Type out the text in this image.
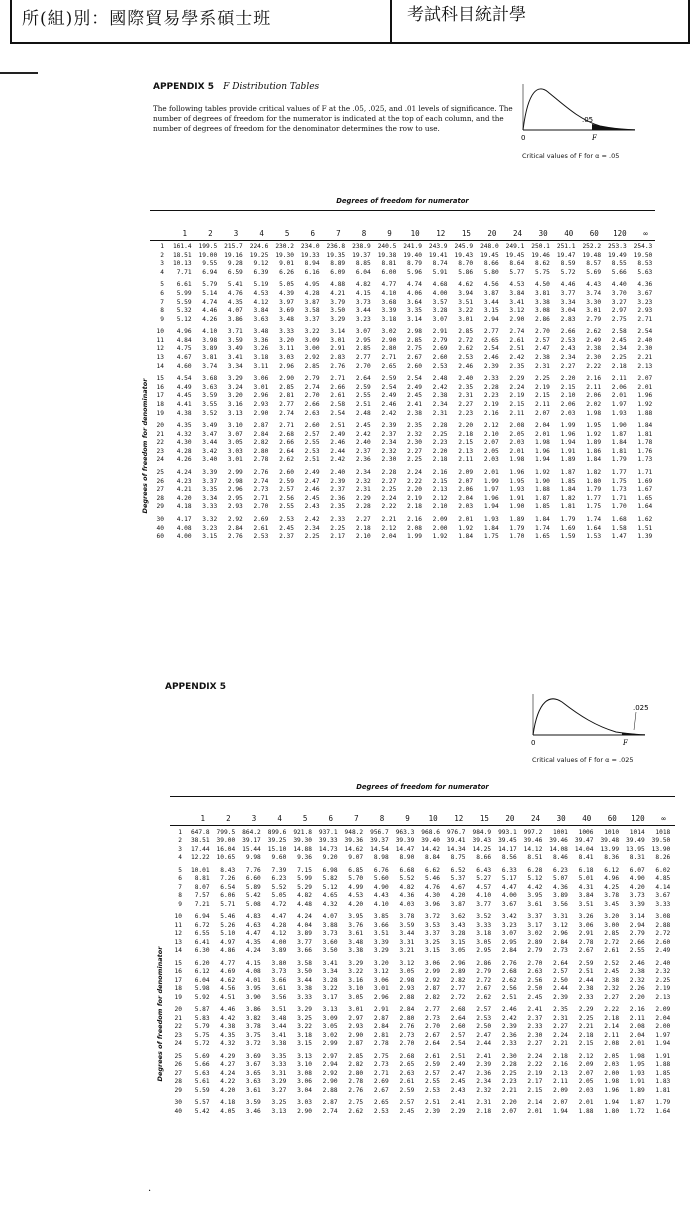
所(組)別：國際貿易學系碩士班	考試科目統計學
APPENDIX 5 F Distribution Tables
The following tables provide critical values of F at the .05, .025, and .01 levels of significance. The number of degrees of freedom for the numerator is indicated at the top of each column, and the number of degrees of freedom for the denominator determines the row to use.
.05
0	F
Critical values of F for α = .05
Degrees of freedom for numerator
Degrees of freedom for denominator
1	2	3	4	5	6	7	8	9	10	12	15	20	24	30	40	60	120	∞
1	161.4	199.5	215.7	224.6	230.2	234.0	236.8	238.9	240.5	241.9	243.9	245.9	248.0	249.1	250.1	251.1	252.2	253.3	254.3
2	18.51	19.00	19.16	19.25	19.30	19.33	19.35	19.37	19.38	19.40	19.41	19.43	19.45	19.45	19.46	19.47	19.48	19.49	19.50
3	10.13	9.55	9.28	9.12	9.01	8.94	8.89	8.85	8.81	8.79	8.74	8.70	8.66	8.64	8.62	8.59	8.57	8.55	8.53
4	7.71	6.94	6.59	6.39	6.26	6.16	6.09	6.04	6.00	5.96	5.91	5.86	5.80	5.77	5.75	5.72	5.69	5.66	5.63
5	6.61	5.79	5.41	5.19	5.05	4.95	4.88	4.82	4.77	4.74	4.68	4.62	4.56	4.53	4.50	4.46	4.43	4.40	4.36
6	5.99	5.14	4.76	4.53	4.39	4.28	4.21	4.15	4.10	4.06	4.00	3.94	3.87	3.84	3.81	3.77	3.74	3.70	3.67
7	5.59	4.74	4.35	4.12	3.97	3.87	3.79	3.73	3.68	3.64	3.57	3.51	3.44	3.41	3.38	3.34	3.30	3.27	3.23
8	5.32	4.46	4.07	3.84	3.69	3.58	3.50	3.44	3.39	3.35	3.28	3.22	3.15	3.12	3.08	3.04	3.01	2.97	2.93
9	5.12	4.26	3.86	3.63	3.48	3.37	3.29	3.23	3.18	3.14	3.07	3.01	2.94	2.90	2.86	2.83	2.79	2.75	2.71
10	4.96	4.10	3.71	3.48	3.33	3.22	3.14	3.07	3.02	2.98	2.91	2.85	2.77	2.74	2.70	2.66	2.62	2.58	2.54
11	4.84	3.98	3.59	3.36	3.20	3.09	3.01	2.95	2.90	2.85	2.79	2.72	2.65	2.61	2.57	2.53	2.49	2.45	2.40
12	4.75	3.89	3.49	3.26	3.11	3.00	2.91	2.85	2.80	2.75	2.69	2.62	2.54	2.51	2.47	2.43	2.38	2.34	2.30
13	4.67	3.81	3.41	3.18	3.03	2.92	2.83	2.77	2.71	2.67	2.60	2.53	2.46	2.42	2.38	2.34	2.30	2.25	2.21
14	4.60	3.74	3.34	3.11	2.96	2.85	2.76	2.70	2.65	2.60	2.53	2.46	2.39	2.35	2.31	2.27	2.22	2.18	2.13
15	4.54	3.68	3.29	3.06	2.90	2.79	2.71	2.64	2.59	2.54	2.48	2.40	2.33	2.29	2.25	2.20	2.16	2.11	2.07
16	4.49	3.63	3.24	3.01	2.85	2.74	2.66	2.59	2.54	2.49	2.42	2.35	2.28	2.24	2.19	2.15	2.11	2.06	2.01
17	4.45	3.59	3.20	2.96	2.81	2.70	2.61	2.55	2.49	2.45	2.38	2.31	2.23	2.19	2.15	2.10	2.06	2.01	1.96
18	4.41	3.55	3.16	2.93	2.77	2.66	2.58	2.51	2.46	2.41	2.34	2.27	2.19	2.15	2.11	2.06	2.02	1.97	1.92
19	4.38	3.52	3.13	2.90	2.74	2.63	2.54	2.48	2.42	2.38	2.31	2.23	2.16	2.11	2.07	2.03	1.98	1.93	1.88
20	4.35	3.49	3.10	2.87	2.71	2.60	2.51	2.45	2.39	2.35	2.28	2.20	2.12	2.08	2.04	1.99	1.95	1.90	1.84
21	4.32	3.47	3.07	2.84	2.68	2.57	2.49	2.42	2.37	2.32	2.25	2.18	2.10	2.05	2.01	1.96	1.92	1.87	1.81
22	4.30	3.44	3.05	2.82	2.66	2.55	2.46	2.40	2.34	2.30	2.23	2.15	2.07	2.03	1.98	1.94	1.89	1.84	1.78
23	4.28	3.42	3.03	2.80	2.64	2.53	2.44	2.37	2.32	2.27	2.20	2.13	2.05	2.01	1.96	1.91	1.86	1.81	1.76
24	4.26	3.40	3.01	2.78	2.62	2.51	2.42	2.36	2.30	2.25	2.18	2.11	2.03	1.98	1.94	1.89	1.84	1.79	1.73
25	4.24	3.39	2.99	2.76	2.60	2.49	2.40	2.34	2.28	2.24	2.16	2.09	2.01	1.96	1.92	1.87	1.82	1.77	1.71
26	4.23	3.37	2.98	2.74	2.59	2.47	2.39	2.32	2.27	2.22	2.15	2.07	1.99	1.95	1.90	1.85	1.80	1.75	1.69
27	4.21	3.35	2.96	2.73	2.57	2.46	2.37	2.31	2.25	2.20	2.13	2.06	1.97	1.93	1.88	1.84	1.79	1.73	1.67
28	4.20	3.34	2.95	2.71	2.56	2.45	2.36	2.29	2.24	2.19	2.12	2.04	1.96	1.91	1.87	1.82	1.77	1.71	1.65
29	4.18	3.33	2.93	2.70	2.55	2.43	2.35	2.28	2.22	2.18	2.10	2.03	1.94	1.90	1.85	1.81	1.75	1.70	1.64
30	4.17	3.32	2.92	2.69	2.53	2.42	2.33	2.27	2.21	2.16	2.09	2.01	1.93	1.89	1.84	1.79	1.74	1.68	1.62
40	4.08	3.23	2.84	2.61	2.45	2.34	2.25	2.18	2.12	2.08	2.00	1.92	1.84	1.79	1.74	1.69	1.64	1.58	1.51
60	4.00	3.15	2.76	2.53	2.37	2.25	2.17	2.10	2.04	1.99	1.92	1.84	1.75	1.70	1.65	1.59	1.53	1.47	1.39
APPENDIX 5
.025
0	F
Critical values of F for α = .025
Degrees of freedom for numerator
Degrees of freedom for denominator
1	2	3	4	5	6	7	8	9	10	12	15	20	24	30	40	60	120	∞
1	647.8	799.5	864.2	899.6	921.8	937.1	948.2	956.7	963.3	968.6	976.7	984.9	993.1	997.2	1001	1006	1010	1014	1018
2	38.51	39.00	39.17	39.25	39.30	39.33	39.36	39.37	39.39	39.40	39.41	39.43	39.45	39.46	39.46	39.47	39.48	39.49	39.50
3	17.44	16.04	15.44	15.10	14.88	14.73	14.62	14.54	14.47	14.42	14.34	14.25	14.17	14.12	14.08	14.04	13.99	13.95	13.90
4	12.22	10.65	9.98	9.60	9.36	9.20	9.07	8.98	8.90	8.84	8.75	8.66	8.56	8.51	8.46	8.41	8.36	8.31	8.26
5	10.01	8.43	7.76	7.39	7.15	6.98	6.85	6.76	6.68	6.62	6.52	6.43	6.33	6.28	6.23	6.18	6.12	6.07	6.02
6	8.81	7.26	6.60	6.23	5.99	5.82	5.70	5.60	5.52	5.46	5.37	5.27	5.17	5.12	5.07	5.01	4.96	4.90	4.85
7	8.07	6.54	5.89	5.52	5.29	5.12	4.99	4.90	4.82	4.76	4.67	4.57	4.47	4.42	4.36	4.31	4.25	4.20	4.14
8	7.57	6.06	5.42	5.05	4.82	4.65	4.53	4.43	4.36	4.30	4.20	4.10	4.00	3.95	3.89	3.84	3.78	3.73	3.67
9	7.21	5.71	5.08	4.72	4.48	4.32	4.20	4.10	4.03	3.96	3.87	3.77	3.67	3.61	3.56	3.51	3.45	3.39	3.33
10	6.94	5.46	4.83	4.47	4.24	4.07	3.95	3.85	3.78	3.72	3.62	3.52	3.42	3.37	3.31	3.26	3.20	3.14	3.08
11	6.72	5.26	4.63	4.28	4.04	3.88	3.76	3.66	3.59	3.53	3.43	3.33	3.23	3.17	3.12	3.06	3.00	2.94	2.88
12	6.55	5.10	4.47	4.12	3.89	3.73	3.61	3.51	3.44	3.37	3.28	3.18	3.07	3.02	2.96	2.91	2.85	2.79	2.72
13	6.41	4.97	4.35	4.00	3.77	3.60	3.48	3.39	3.31	3.25	3.15	3.05	2.95	2.89	2.84	2.78	2.72	2.66	2.60
14	6.30	4.86	4.24	3.89	3.66	3.50	3.38	3.29	3.21	3.15	3.05	2.95	2.84	2.79	2.73	2.67	2.61	2.55	2.49
15	6.20	4.77	4.15	3.80	3.58	3.41	3.29	3.20	3.12	3.06	2.96	2.86	2.76	2.70	2.64	2.59	2.52	2.46	2.40
16	6.12	4.69	4.08	3.73	3.50	3.34	3.22	3.12	3.05	2.99	2.89	2.79	2.68	2.63	2.57	2.51	2.45	2.38	2.32
17	6.04	4.62	4.01	3.66	3.44	3.28	3.16	3.06	2.98	2.92	2.82	2.72	2.62	2.56	2.50	2.44	2.38	2.32	2.25
18	5.98	4.56	3.95	3.61	3.38	3.22	3.10	3.01	2.93	2.87	2.77	2.67	2.56	2.50	2.44	2.38	2.32	2.26	2.19
19	5.92	4.51	3.90	3.56	3.33	3.17	3.05	2.96	2.88	2.82	2.72	2.62	2.51	2.45	2.39	2.33	2.27	2.20	2.13
20	5.87	4.46	3.86	3.51	3.29	3.13	3.01	2.91	2.84	2.77	2.68	2.57	2.46	2.41	2.35	2.29	2.22	2.16	2.09
21	5.83	4.42	3.82	3.48	3.25	3.09	2.97	2.87	2.80	2.73	2.64	2.53	2.42	2.37	2.31	2.25	2.18	2.11	2.04
22	5.79	4.38	3.78	3.44	3.22	3.05	2.93	2.84	2.76	2.70	2.60	2.50	2.39	2.33	2.27	2.21	2.14	2.08	2.00
23	5.75	4.35	3.75	3.41	3.18	3.02	2.90	2.81	2.73	2.67	2.57	2.47	2.36	2.30	2.24	2.18	2.11	2.04	1.97
24	5.72	4.32	3.72	3.38	3.15	2.99	2.87	2.78	2.70	2.64	2.54	2.44	2.33	2.27	2.21	2.15	2.08	2.01	1.94
25	5.69	4.29	3.69	3.35	3.13	2.97	2.85	2.75	2.68	2.61	2.51	2.41	2.30	2.24	2.18	2.12	2.05	1.98	1.91
26	5.66	4.27	3.67	3.33	3.10	2.94	2.82	2.73	2.65	2.59	2.49	2.39	2.28	2.22	2.16	2.09	2.03	1.95	1.88
27	5.63	4.24	3.65	3.31	3.08	2.92	2.80	2.71	2.63	2.57	2.47	2.36	2.25	2.19	2.13	2.07	2.00	1.93	1.85
28	5.61	4.22	3.63	3.29	3.06	2.90	2.78	2.69	2.61	2.55	2.45	2.34	2.23	2.17	2.11	2.05	1.98	1.91	1.83
29	5.59	4.20	3.61	3.27	3.04	2.88	2.76	2.67	2.59	2.53	2.43	2.32	2.21	2.15	2.09	2.03	1.96	1.89	1.81
30	5.57	4.18	3.59	3.25	3.03	2.87	2.75	2.65	2.57	2.51	2.41	2.31	2.20	2.14	2.07	2.01	1.94	1.87	1.79
40	5.42	4.05	3.46	3.13	2.90	2.74	2.62	2.53	2.45	2.39	2.29	2.18	2.07	2.01	1.94	1.88	1.80	1.72	1.64
·
